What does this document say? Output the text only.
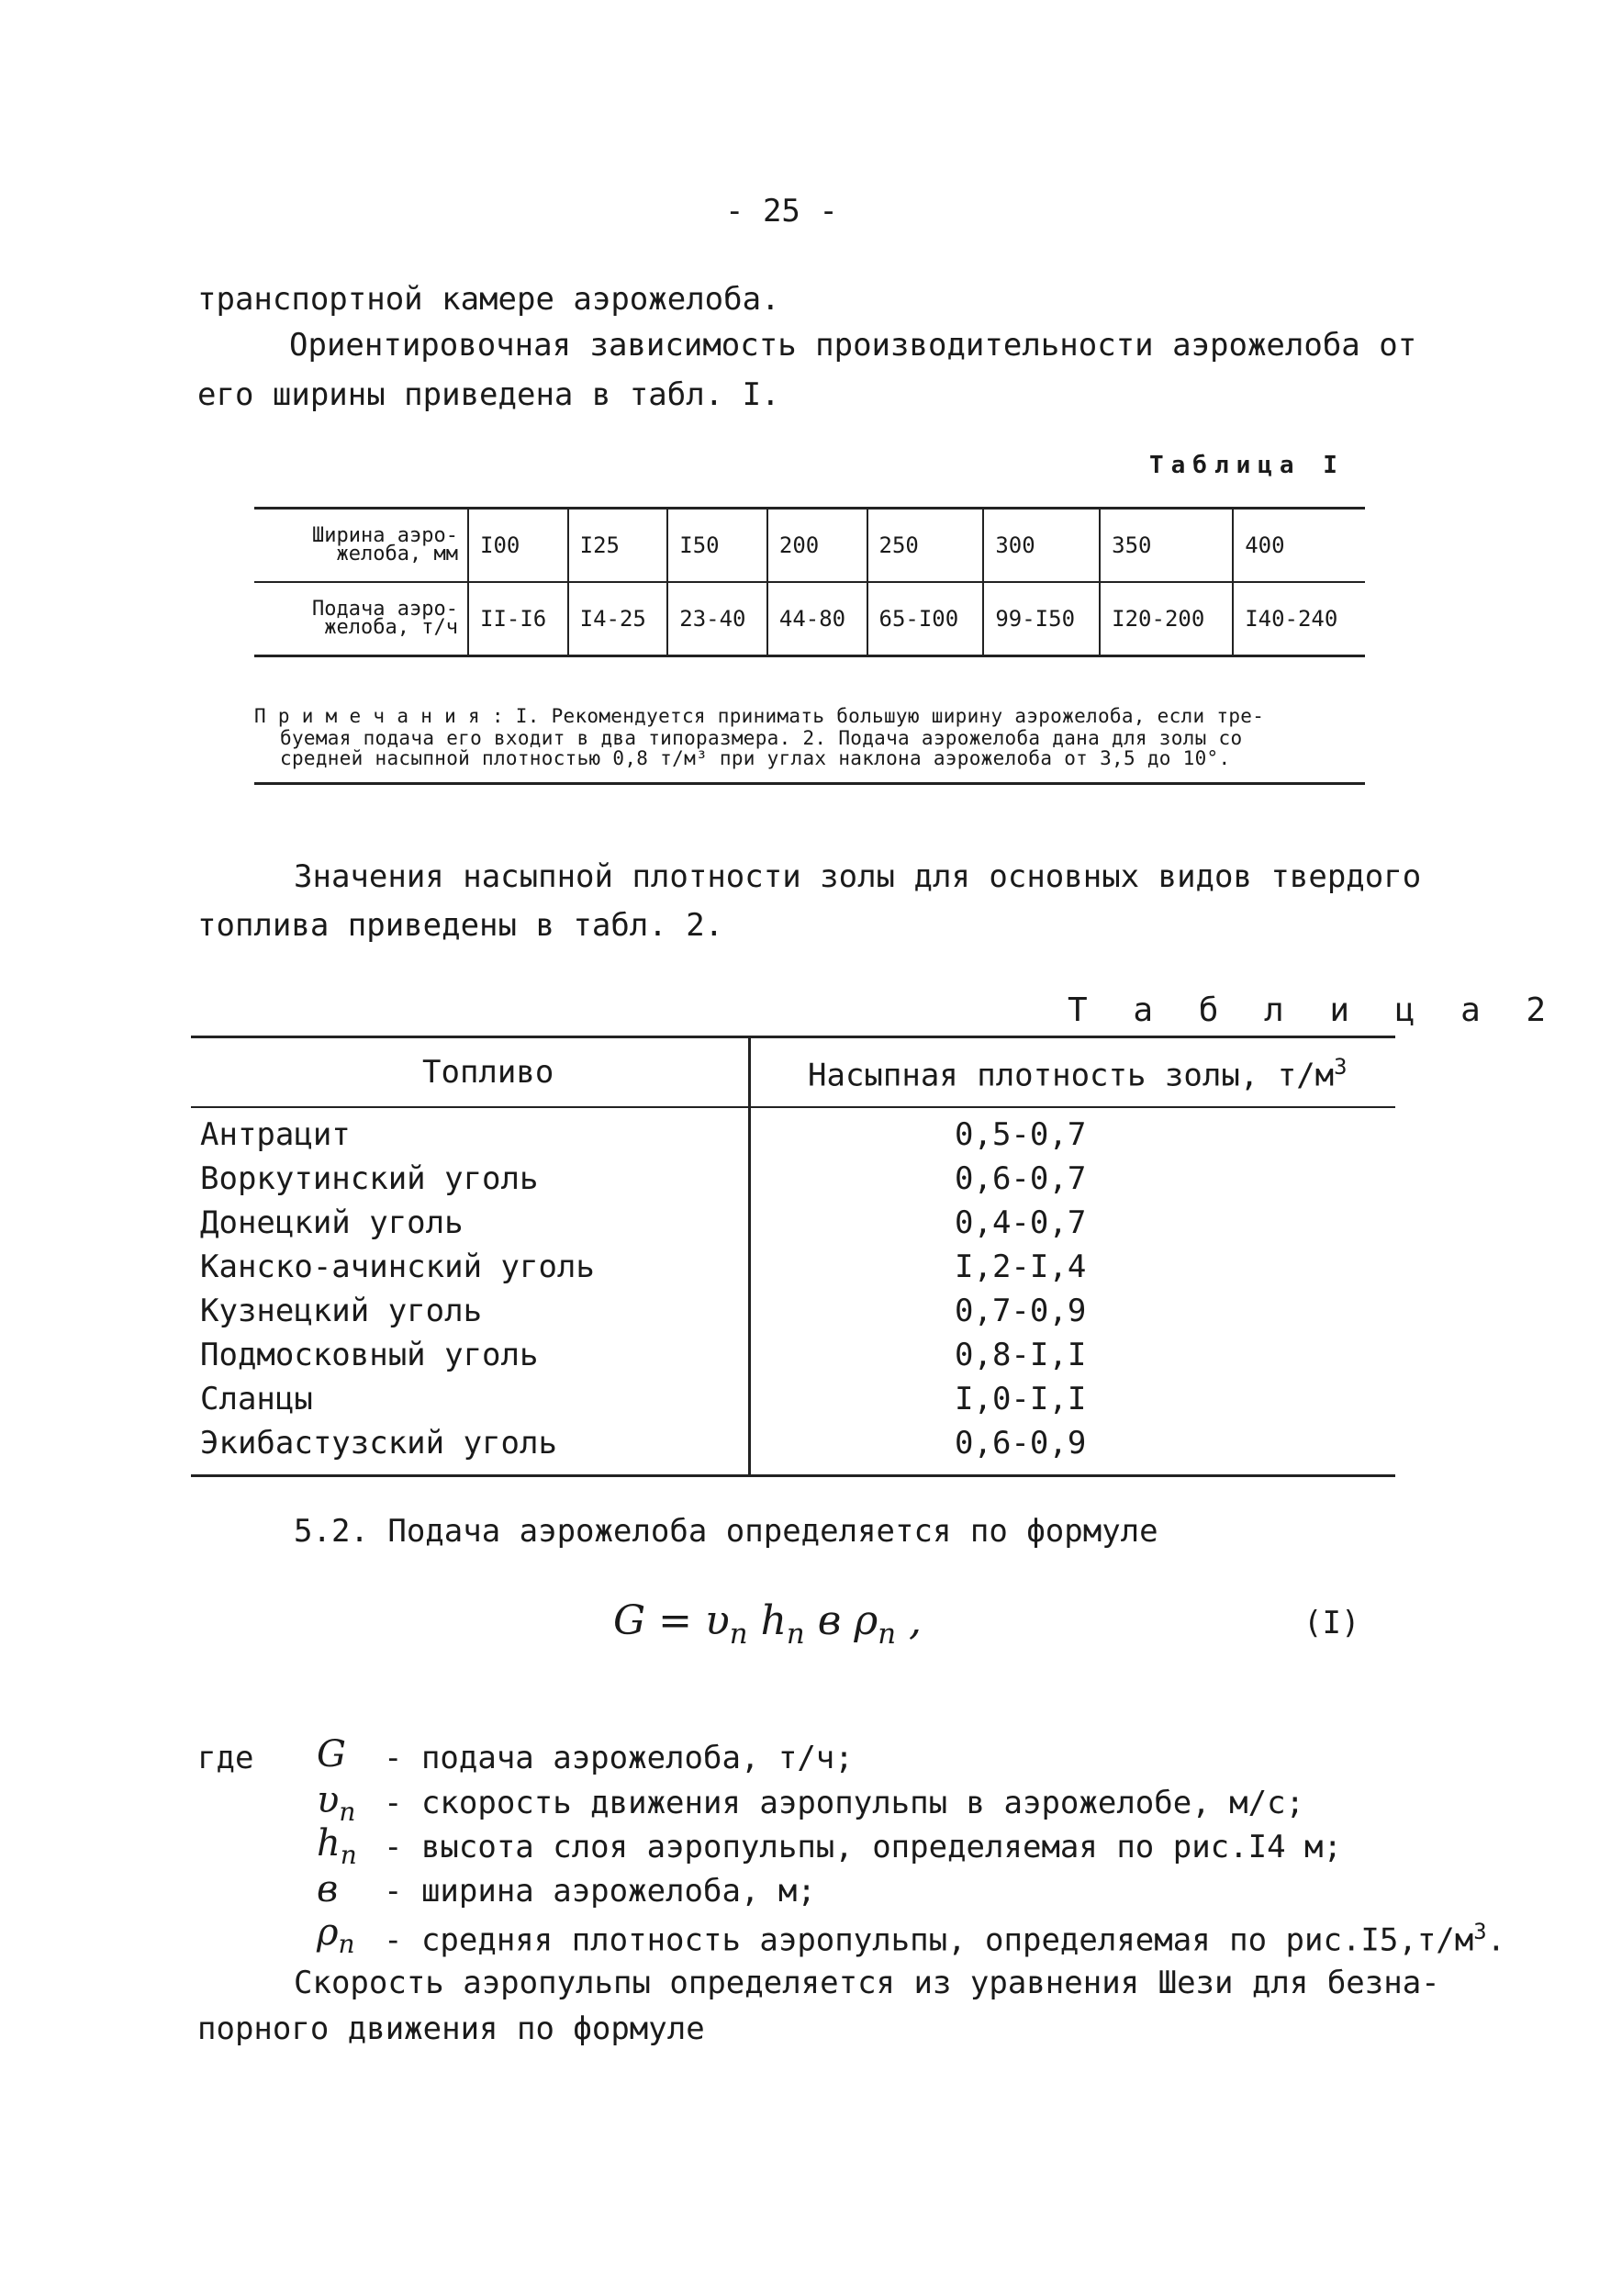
- 25 -
транспортной камере аэрожелоба.
Ориентировочная зависимость производительности аэрожелоба от
его ширины приведена в табл. I.
Таблица I
Ширина аэро-
желоба, мм	I00	I25	I50	200	250	300	350	400

Подача аэро-
желоба, т/ч	II-I6	I4-25	23-40	44-80	65-I00	99-I50	I20-200	I40-240
П р и м е ч а н и я : I. Рекомендуется принимать большую ширину аэрожелоба, если тре-
буемая подача его входит в два типоразмера. 2. Подача аэрожелоба дана для золы со
средней насыпной плотностью 0,8 т/м³ при углах наклона аэрожелоба от 3,5 до 10°.
Значения насыпной плотности золы для основных видов твердого
топлива приведены в табл. 2.
Т а б л и ц а 2
Топливо	Насыпная плотность золы, $т/м^3$
Антрацит	0,5-0,7
Воркутинский уголь	0,6-0,7
Донецкий уголь	0,4-0,7
Канско-ачинский уголь	I,2-I,4
Кузнецкий уголь	0,7-0,9
Подмосковный уголь	0,8-I,I
Сланцы	I,0-I,I
Экибастузский уголь	0,6-0,9
5.2. Подача аэрожелоба определяется по формуле
$G = \upsilon_п$ $h_п$ в $\rho_п$ ,	(I)
где G - подача аэрожелоба, т/ч;
$\upsilon_п$ - скорость движения аэропульпы в аэрожелобе, м/с;
$h_п$ - высота слоя аэропульпы, определяемая по рис.I4 м;
в - ширина аэрожелоба, м;
$\rho_п$ - средняя плотность аэропульпы, определяемая по $рис.I5,т/м^3$.
Скорость аэропульпы определяется из уравнения Шези для безна-
порного движения по формуле
